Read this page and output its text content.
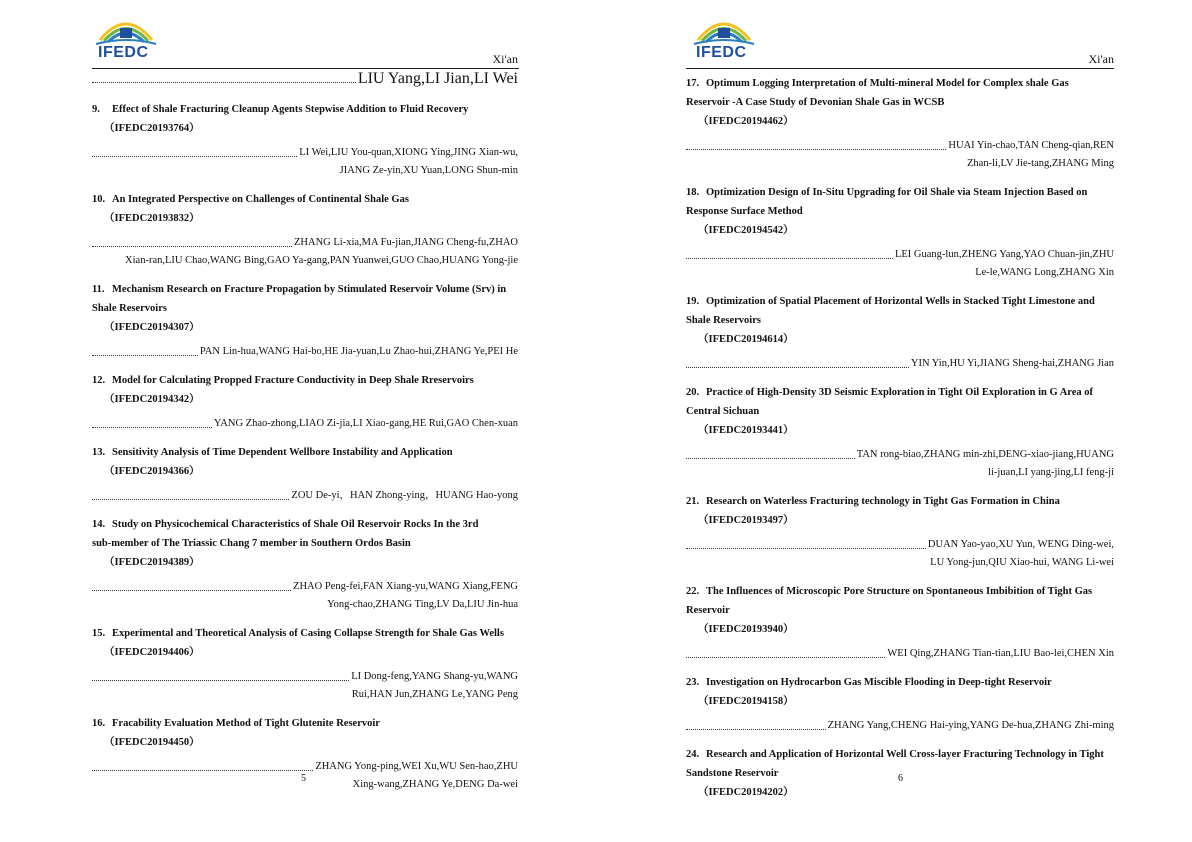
IFEDC	Xi'an
LIU Yang,LI Jian,LI Wei
9. Effect of Shale Fracturing Cleanup Agents Stepwise Addition to Fluid Recovery
（IFEDC20193764）
LI Wei,LIU You-quan,XIONG Ying,JING Xian-wu,
JIANG Ze-yin,XU Yuan,LONG Shun-min
10. An Integrated Perspective on Challenges of Continental Shale Gas
（IFEDC20193832）
ZHANG Li-xia,MA Fu-jian,JIANG Cheng-fu,ZHAO
Xian-ran,LIU Chao,WANG Bing,GAO Ya-gang,PAN Yuanwei,GUO Chao,HUANG Yong-jie
11. Mechanism Research on Fracture Propagation by Stimulated Reservoir Volume (Srv) in
Shale Reservoirs
（IFEDC20194307）
PAN Lin-hua,WANG Hai-bo,HE Jia-yuan,Lu Zhao-hui,ZHANG Ye,PEI He
12. Model for Calculating Propped Fracture Conductivity in Deep Shale Rreservoirs
（IFEDC20194342）
YANG Zhao-zhong,LIAO Zi-jia,LI Xiao-gang,HE Rui,GAO Chen-xuan
13. Sensitivity Analysis of Time Dependent Wellbore Instability and Application
（IFEDC20194366）
ZOU De-yi，HAN Zhong-ying，HUANG Hao-yong
14. Study on Physicochemical Characteristics of Shale Oil Reservoir Rocks In the 3rd
sub-member of The Triassic Chang 7 member in Southern Ordos Basin
（IFEDC20194389）
ZHAO Peng-fei,FAN Xiang-yu,WANG Xiang,FENG
Yong-chao,ZHANG Ting,LV Da,LIU Jin-hua
15. Experimental and Theoretical Analysis of Casing Collapse Strength for Shale Gas Wells
（IFEDC20194406）
LI Dong-feng,YANG Shang-yu,WANG
Rui,HAN Jun,ZHANG Le,YANG Peng
16. Fracability Evaluation Method of Tight Glutenite Reservoir
（IFEDC20194450）
ZHANG Yong-ping,WEI Xu,WU Sen-hao,ZHU
Xing-wang,ZHANG Ye,DENG Da-wei
5
IFEDC	Xi'an
17. Optimum Logging Interpretation of Multi-mineral Model for Complex shale Gas
Reservoir -A Case Study of Devonian Shale Gas in WCSB
（IFEDC20194462）
HUAI Yin-chao,TAN Cheng-qian,REN
Zhan-li,LV Jie-tang,ZHANG Ming
18. Optimization Design of In-Situ Upgrading for Oil Shale via Steam Injection Based on
Response Surface Method
（IFEDC20194542）
LEI Guang-lun,ZHENG Yang,YAO Chuan-jin,ZHU
Le-le,WANG Long,ZHANG Xin
19. Optimization of Spatial Placement of Horizontal Wells in Stacked Tight Limestone and
Shale Reservoirs
（IFEDC20194614）
YIN Yin,HU Yi,JIANG Sheng-hai,ZHANG Jian
20. Practice of High-Density 3D Seismic Exploration in Tight Oil Exploration in G Area of
Central Sichuan
（IFEDC20193441）
TAN rong-biao,ZHANG min-zhi,DENG-xiao-jiang,HUANG
li-juan,LI yang-jing,LI feng-ji
21. Research on Waterless Fracturing technology in Tight Gas Formation in China
（IFEDC20193497）
DUAN Yao-yao,XU Yun, WENG Ding-wei,
LU Yong-jun,QIU Xiao-hui, WANG Li-wei
22. The Influences of Microscopic Pore Structure on Spontaneous Imbibition of Tight Gas
Reservoir
（IFEDC20193940）
WEI Qing,ZHANG Tian-tian,LIU Bao-lei,CHEN Xin
23. Investigation on Hydrocarbon Gas Miscible Flooding in Deep-tight Reservoir
（IFEDC20194158）
ZHANG Yang,CHENG Hai-ying,YANG De-hua,ZHANG Zhi-ming
24. Research and Application of Horizontal Well Cross-layer Fracturing Technology in Tight
Sandstone Reservoir
（IFEDC20194202）
6
